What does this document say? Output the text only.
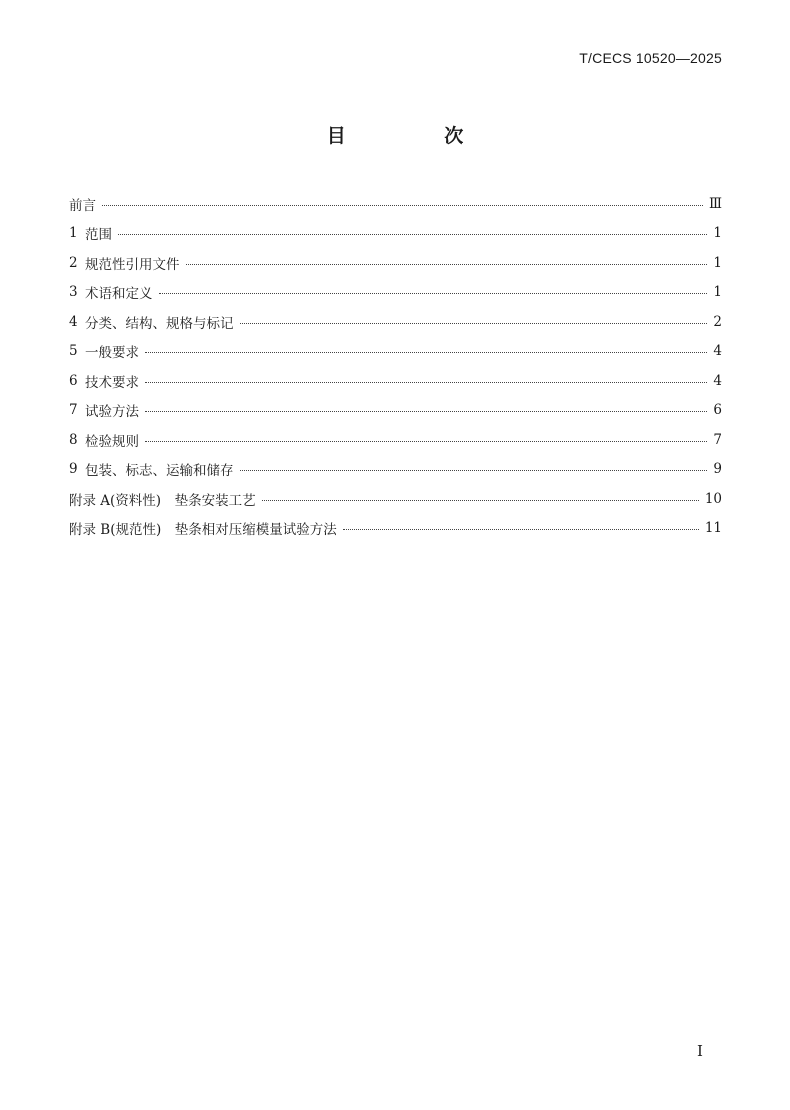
T/CECS 10520—2025
目 次
前言	Ⅲ
1 范围	1
2 规范性引用文件	1
3 术语和定义	1
4 分类、结构、规格与标记	2
5 一般要求	4
6 技术要求	4
7 试验方法	6
8 检验规则	7
9 包装、标志、运输和储存	9
附录 A(资料性)　垫条安装工艺	10
附录 B(规范性)　垫条相对压缩模量试验方法	11
I
